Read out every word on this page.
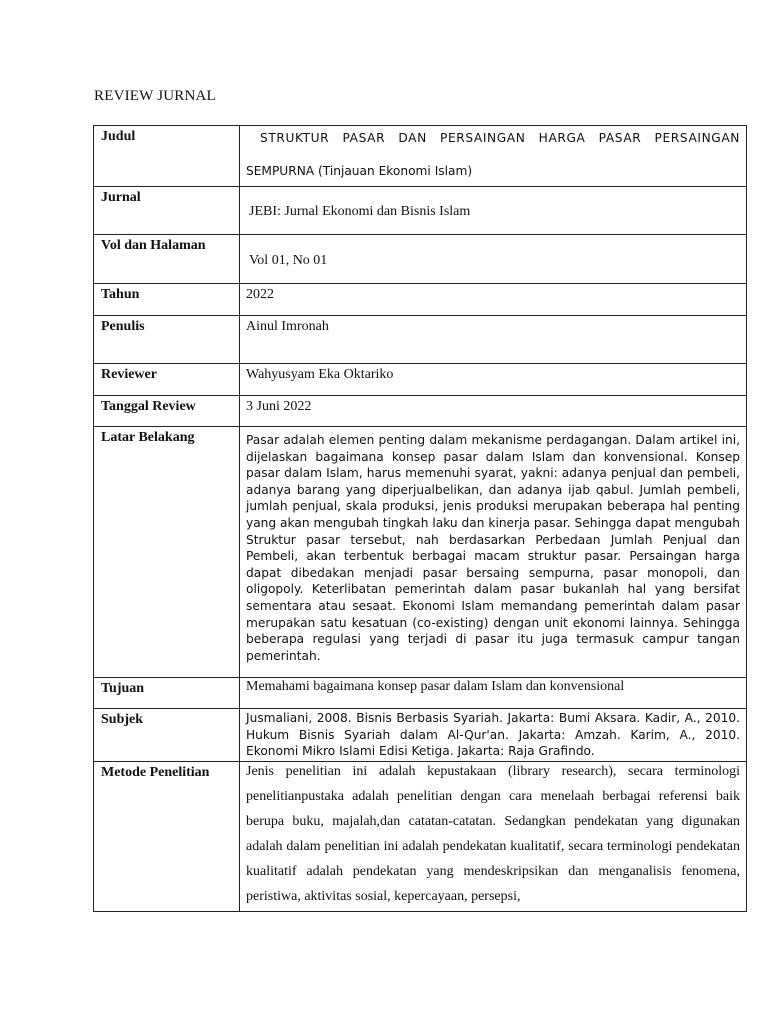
REVIEW JURNAL
Judul	STRUKTUR PASAR DAN PERSAINGAN HARGA PASAR PERSAINGAN
SEMPURNA (Tinjauan Ekonomi Islam)

Jurnal	JEBI: Jurnal Ekonomi dan Bisnis Islam

Vol dan Halaman	Vol 01, No 01

Tahun	2022

Penulis	Ainul Imronah

Reviewer	Wahyusyam Eka Oktariko

Tanggal Review	3 Juni 2022

Latar Belakang	Pasar adalah elemen penting dalam mekanisme perdagangan. Dalam artikel ini, dijelaskan bagaimana konsep pasar dalam Islam dan konvensional. Konsep pasar dalam Islam, harus memenuhi syarat, yakni: adanya penjual dan pembeli, adanya barang yang diperjualbelikan, dan adanya ijab qabul. Jumlah pembeli, jumlah penjual, skala produksi, jenis produksi merupakan beberapa hal penting yang akan mengubah tingkah laku dan kinerja pasar. Sehingga dapat mengubah Struktur pasar tersebut, nah berdasarkan Perbedaan Jumlah Penjual dan Pembeli, akan terbentuk berbagai macam struktur pasar. Persaingan harga dapat dibedakan menjadi pasar bersaing sempurna, pasar monopoli, dan oligopoly. Keterlibatan pemerintah dalam pasar bukanlah hal yang bersifat sementara atau sesaat. Ekonomi Islam memandang pemerintah dalam pasar merupakan satu kesatuan (co-existing) dengan unit ekonomi lainnya. Sehingga beberapa regulasi yang terjadi di pasar itu juga termasuk campur tangan pemerintah.

Tujuan	Memahami bagaimana konsep pasar dalam Islam dan konvensional

Subjek	Jusmaliani, 2008. Bisnis Berbasis Syariah. Jakarta: Bumi Aksara. Kadir, A., 2010. Hukum Bisnis Syariah dalam Al-Qur'an. Jakarta: Amzah. Karim, A., 2010. Ekonomi Mikro Islami Edisi Ketiga. Jakarta: Raja Grafindo.

Metode Penelitian	Jenis penelitian ini adalah kepustakaan (library research), secara terminologi penelitianpustaka adalah penelitian dengan cara menelaah berbagai referensi baik berupa buku, majalah,dan catatan-catatan. Sedangkan pendekatan yang digunakan adalah dalam penelitian ini adalah pendekatan kualitatif, secara terminologi pendekatan kualitatif adalah pendekatan yang mendeskripsikan dan menganalisis fenomena, peristiwa, aktivitas sosial, kepercayaan, persepsi,
